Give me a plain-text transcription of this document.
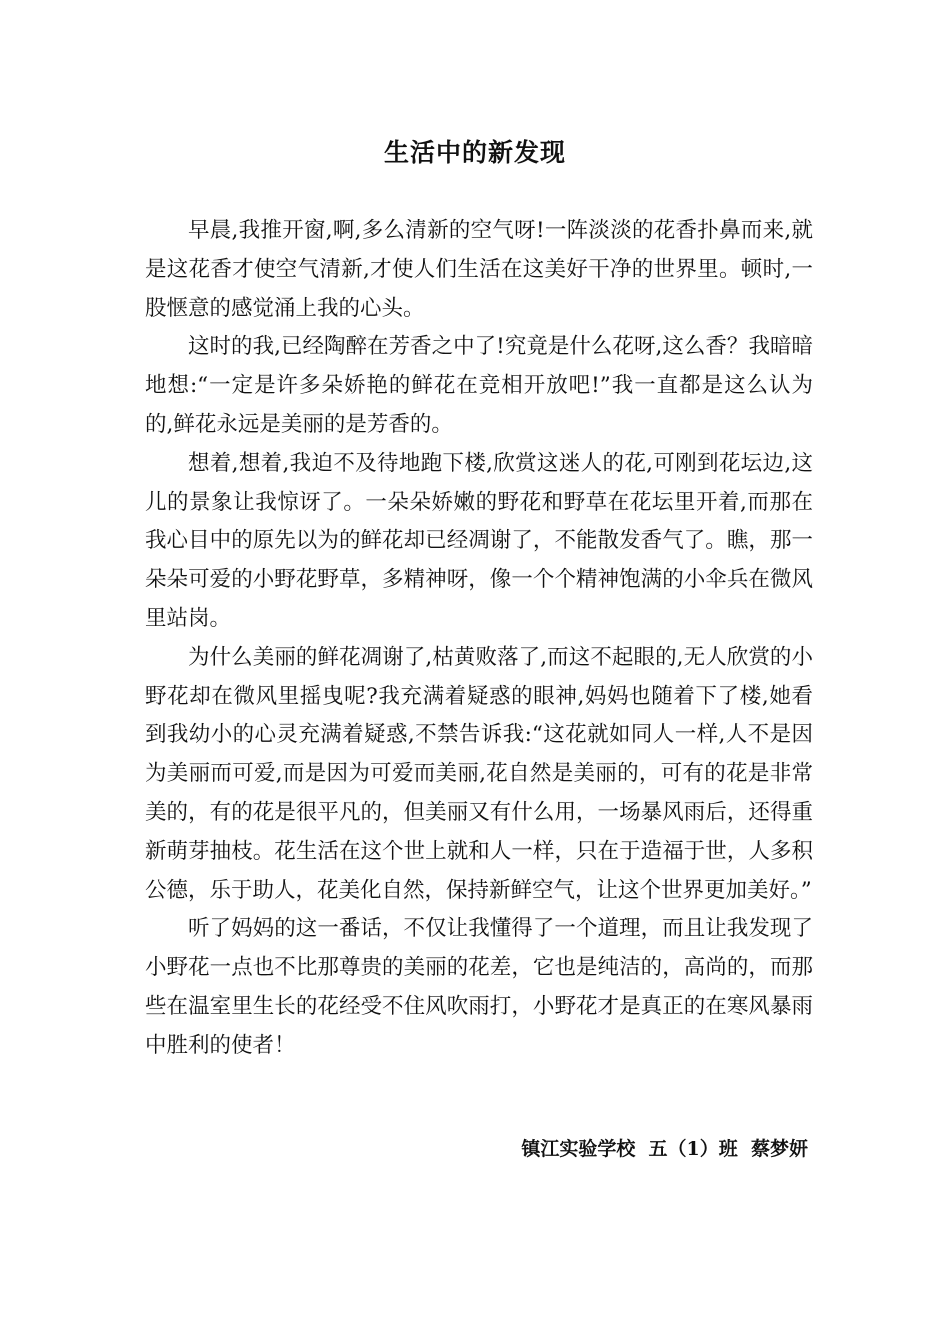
生活中的新发现

早晨,我推开窗,啊,多么清新的空气呀!一阵淡淡的花香扑鼻而来,就是这花香才使空气清新,才使人们生活在这美好干净的世界里。顿时,一股惬意的感觉涌上我的心头。

这时的我,已经陶醉在芳香之中了!究竟是什么花呀,这么香？我暗暗地想:“一定是许多朵娇艳的鲜花在竞相开放吧!”我一直都是这么认为的,鲜花永远是美丽的是芳香的。

想着,想着,我迫不及待地跑下楼,欣赏这迷人的花,可刚到花坛边,这儿的景象让我惊讶了。一朵朵娇嫩的野花和野草在花坛里开着,而那在我心目中的原先以为的鲜花却已经凋谢了，不能散发香气了。瞧，那一朵朵可爱的小野花野草，多精神呀，像一个个精神饱满的小伞兵在微风里站岗。

为什么美丽的鲜花凋谢了,枯黄败落了,而这不起眼的,无人欣赏的小野花却在微风里摇曳呢?我充满着疑惑的眼神,妈妈也随着下了楼,她看到我幼小的心灵充满着疑惑,不禁告诉我:“这花就如同人一样,人不是因为美丽而可爱,而是因为可爱而美丽,花自然是美丽的，可有的花是非常美的，有的花是很平凡的，但美丽又有什么用，一场暴风雨后，还得重新萌芽抽枝。花生活在这个世上就和人一样，只在于造福于世，人多积公德，乐于助人，花美化自然，保持新鲜空气，让这个世界更加美好。”

听了妈妈的这一番话，不仅让我懂得了一个道理，而且让我发现了小野花一点也不比那尊贵的美丽的花差，它也是纯洁的，高尚的，而那些在温室里生长的花经受不住风吹雨打，小野花才是真正的在寒风暴雨中胜利的使者！

镇江实验学校  五（1）班  蔡梦妍
